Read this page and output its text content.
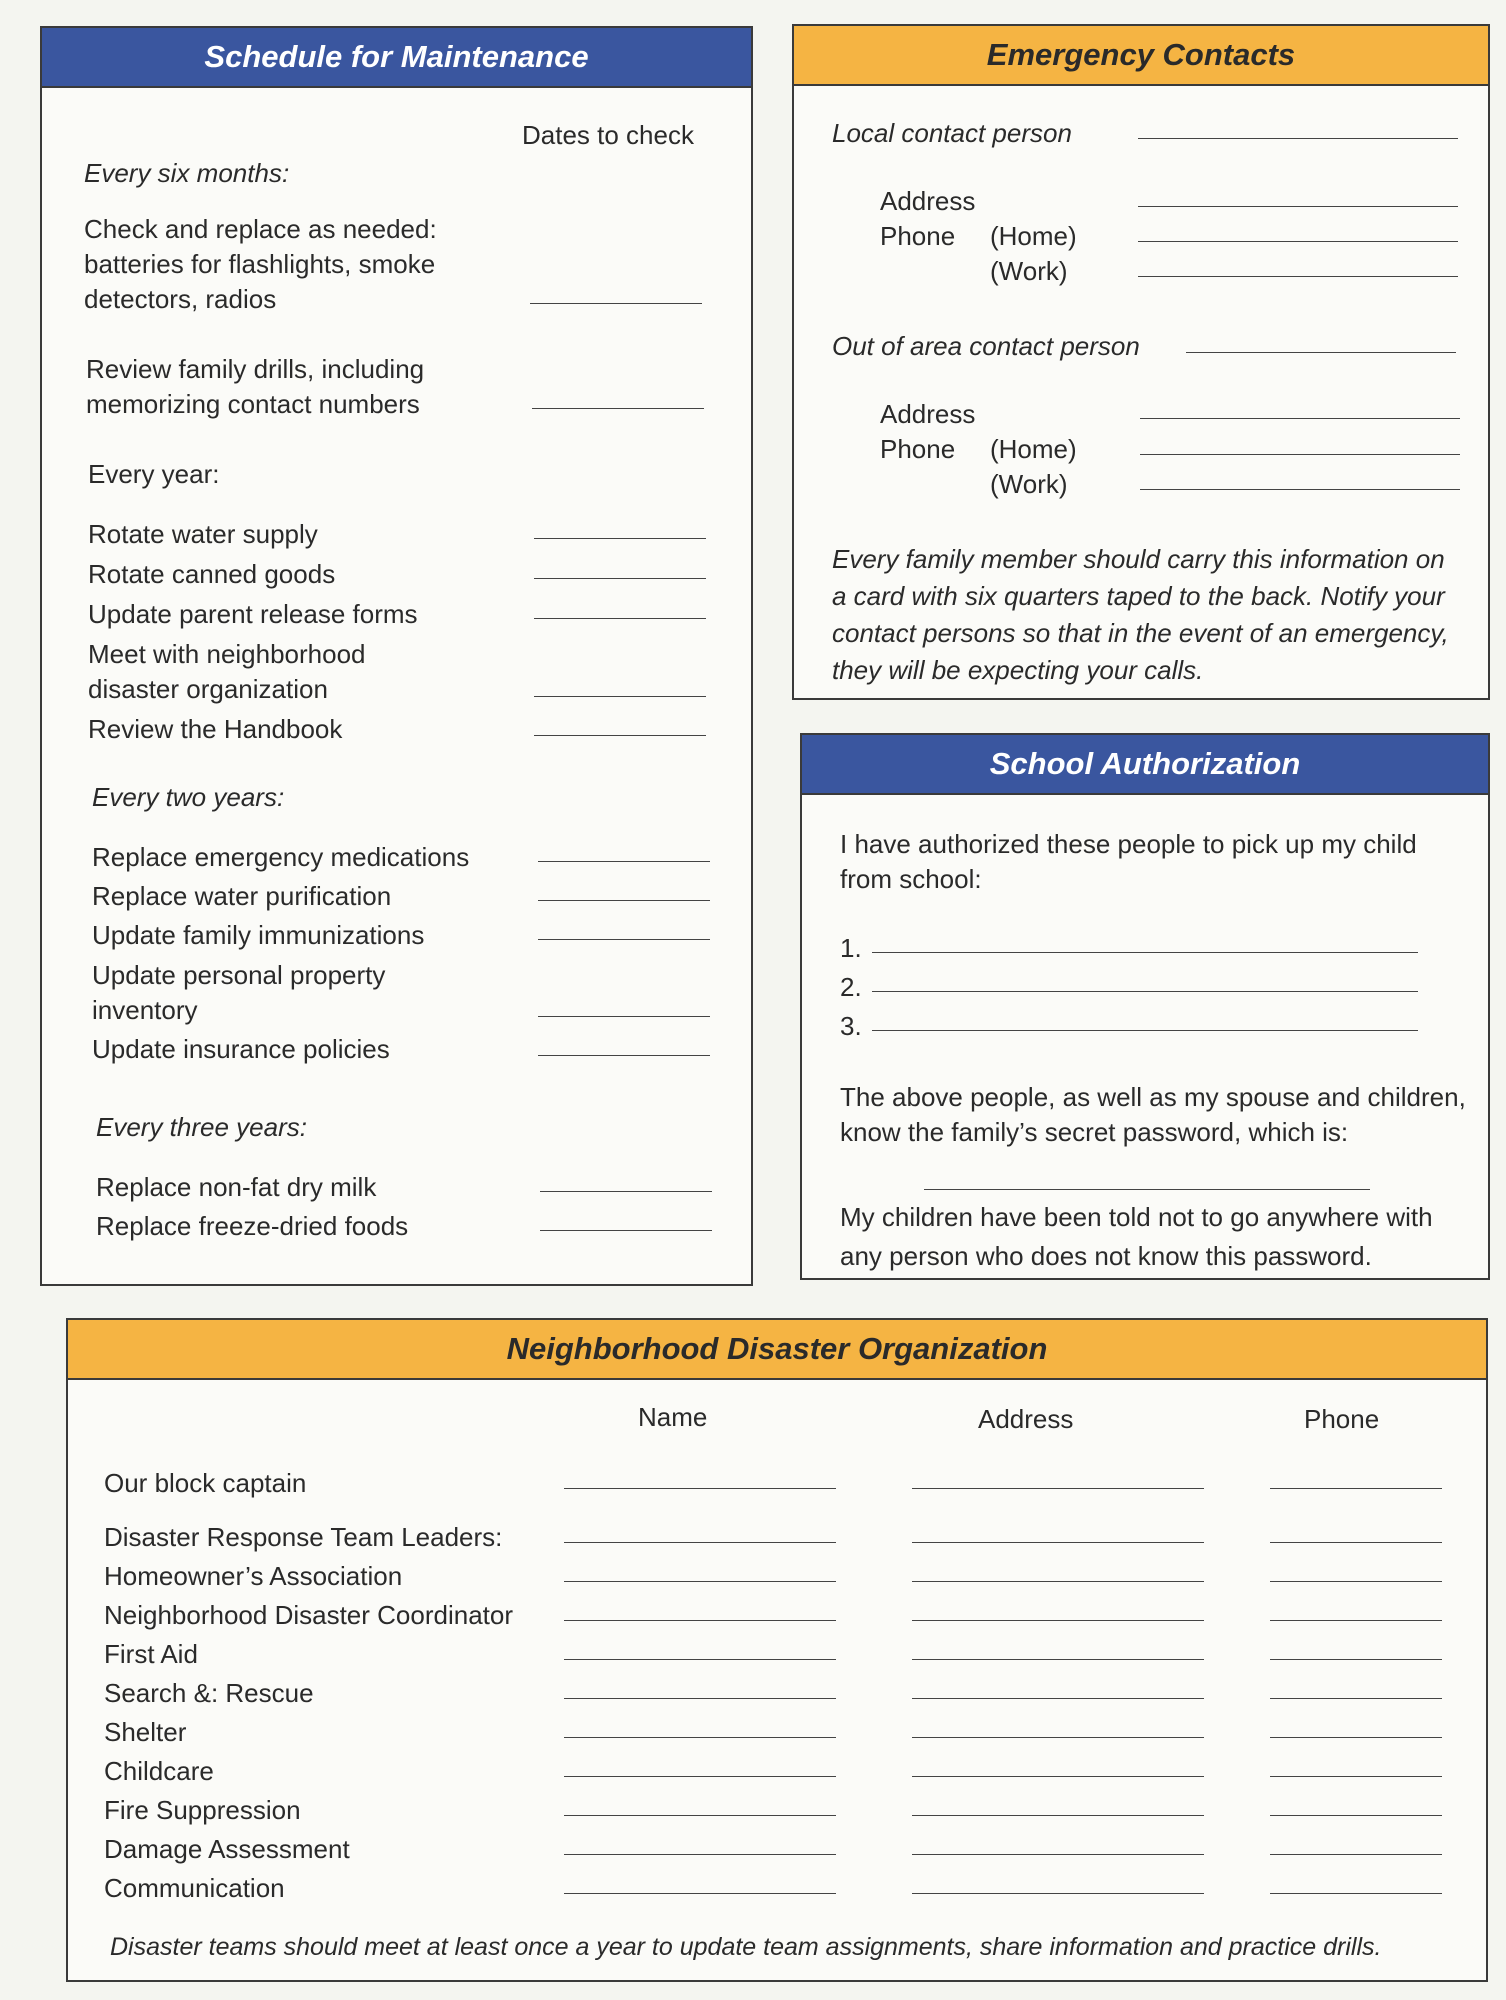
Schedule for Maintenance
Dates to check
Every six months:
Check and replace as needed:
batteries for flashlights, smoke
detectors, radios
Review family drills, including
memorizing contact numbers
Every year:
Rotate water supply
Rotate canned goods
Update parent release forms
Meet with neighborhood
disaster organization
Review the Handbook
Every two years:
Replace emergency medications
Replace water purification
Update family immunizations
Update personal property
inventory
Update insurance policies
Every three years:
Replace non-fat dry milk
Replace freeze-dried foods
Emergency Contacts
Local contact person
Address
Phone (Home)
(Work)
Out of area contact person
Address
Phone (Home)
(Work)
Every family member should carry this information on
a card with six quarters taped to the back. Notify your
contact persons so that in the event of an emergency,
they will be expecting your calls.
School Authorization
I have authorized these people to pick up my child
from school:
1.
2.
3.
The above people, as well as my spouse and children,
know the family’s secret password, which is:
My children have been told not to go anywhere with
any person who does not know this password.
Neighborhood Disaster Organization
Name	Address	Phone
Our block captain
Disaster Response Team Leaders:
Homeowner’s Association
Neighborhood Disaster Coordinator
First Aid
Search &: Rescue
Shelter
Childcare
Fire Suppression
Damage Assessment
Communication
Disaster teams should meet at least once a year to update team assignments, share information and practice drills.
